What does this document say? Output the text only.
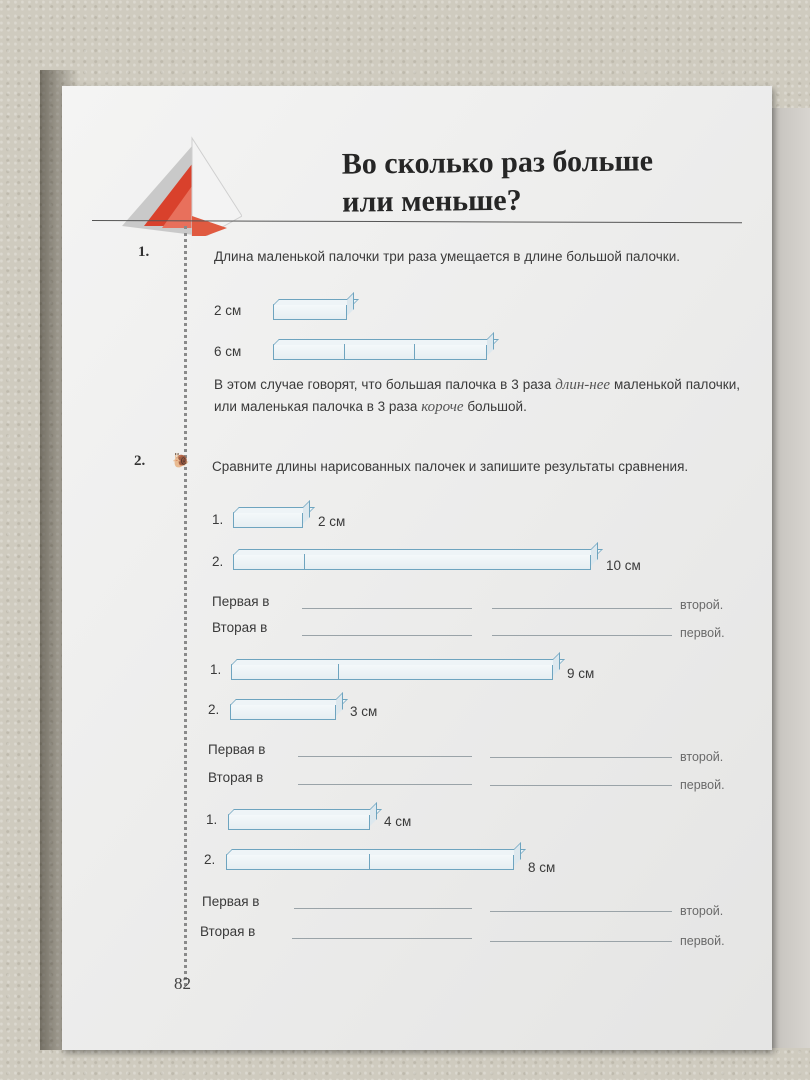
Во сколько раз больше
или меньше?
1.	Длина маленькой палочки три раза умещается в длине большой палочки.
2 см
6 см
В этом случае говорят, что большая палочка в 3 раза длин-нее маленькой палочки, или маленькая палочка в 3 раза короче большой.
🐌
2.	Сравните длины нарисованных палочек и запишите результаты сравнения.
1.	2 см
2.	10 см
Первая в	второй.
Вторая в	первой.
1.	9 см
2.	3 см
Первая в	второй.
Вторая в	первой.
1.	4 см
2.
8 см
Первая в
второй.
Вторая в
первой.
82
